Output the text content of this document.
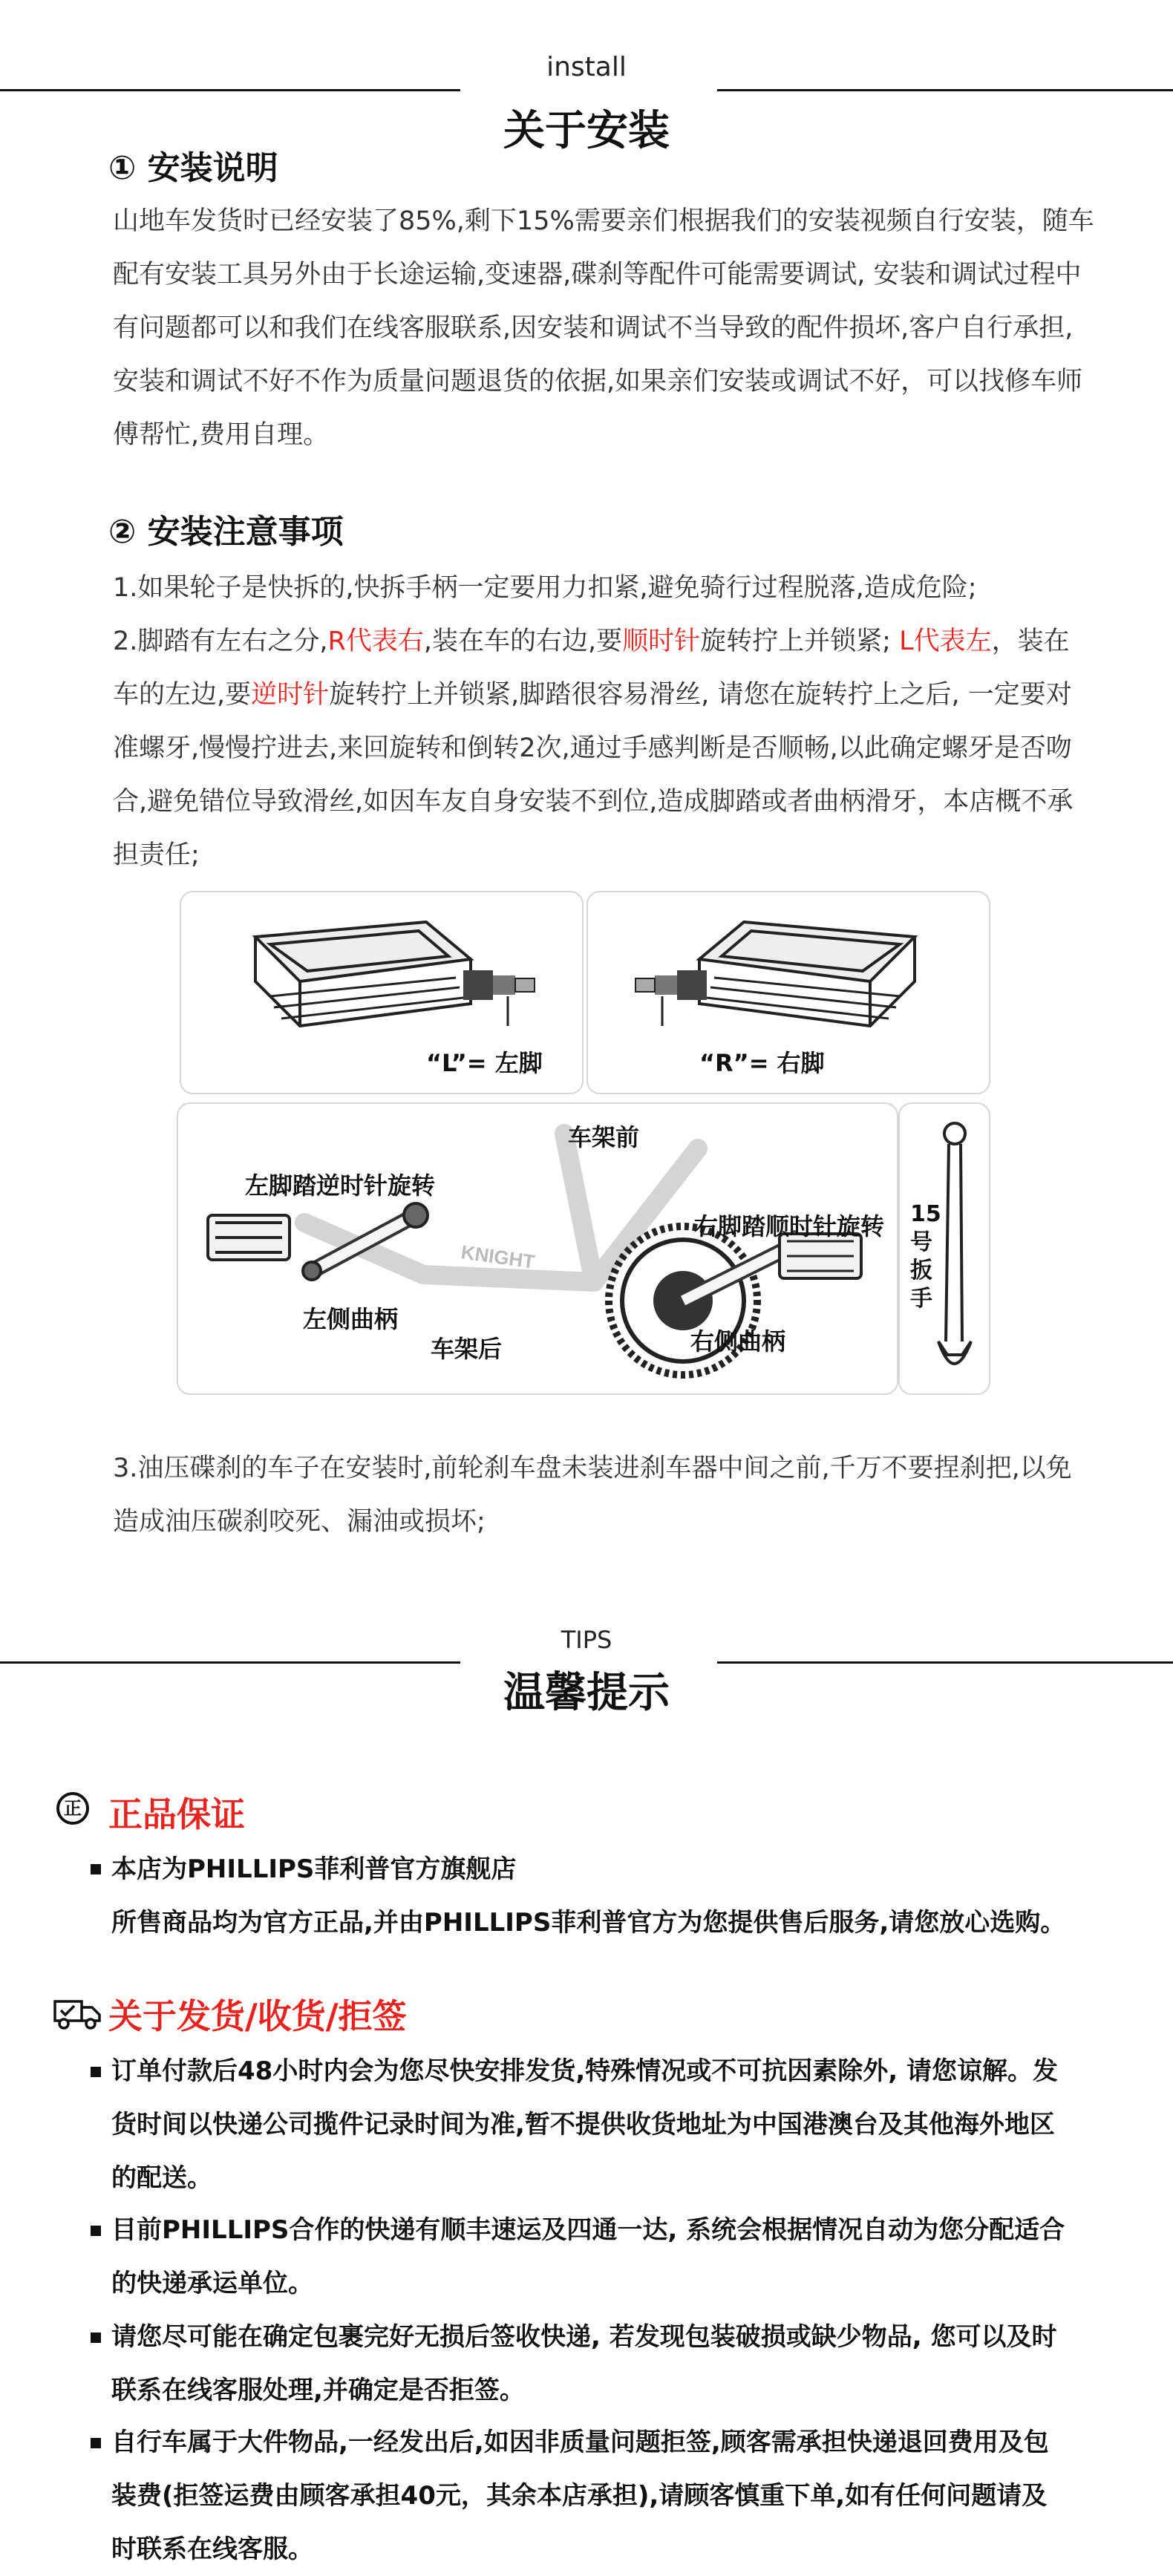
install
关于安装
① 安装说明

山地车发货时已经安装了85%,剩下15%需要亲们根据我们的安装视频自行安装，随车

配有安装工具另外由于长途运输,变速器,碟刹等配件可能需要调试, 安装和调试过程中

有问题都可以和我们在线客服联系,因安装和调试不当导致的配件损坏,客户自行承担,

安装和调试不好不作为质量问题退货的依据,如果亲们安装或调试不好，可以找修车师

傅帮忙,费用自理。

② 安装注意事项

1.如果轮子是快拆的,快拆手柄一定要用力扣紧,避免骑行过程脱落,造成危险;

2.脚踏有左右之分,R代表右,装在车的右边,要顺时针旋转拧上并锁紧; L代表左，装在

车的左边,要逆时针旋转拧上并锁紧,脚踏很容易滑丝, 请您在旋转拧上之后, 一定要对

准螺牙,慢慢拧进去,来回旋转和倒转2次,通过手感判断是否顺畅,以此确定螺牙是否吻

合,避免错位导致滑丝,如因车友自身安装不到位,造成脚踏或者曲柄滑牙，本店概不承

担责任;

“L”= 左脚	“R”= 右脚
KNIGHT
车架前
左脚踏逆时针旋转
右脚踏顺时针旋转
左侧曲柄
右侧曲柄
车架后
15号扳手

3.油压碟刹的车子在安装时,前轮刹车盘未装进刹车器中间之前,千万不要捏刹把,以免

造成油压碳刹咬死、漏油或损坏;

TIPS
温馨提示
正 正品保证

本店为PHILLIPS菲利普官方旗舰店

所售商品均为官方正品,并由PHILLIPS菲利普官方为您提供售后服务,请您放心选购。

关于发货/收货/拒签

订单付款后48小时内会为您尽快安排发货,特殊情况或不可抗因素除外, 请您谅解。发

货时间以快递公司揽件记录时间为准,暂不提供收货地址为中国港澳台及其他海外地区

的配送。

目前PHILLIPS合作的快递有顺丰速运及四通一达, 系统会根据情况自动为您分配适合

的快递承运单位。

请您尽可能在确定包裹完好无损后签收快递, 若发现包装破损或缺少物品, 您可以及时

联系在线客服处理,并确定是否拒签。

自行车属于大件物品,一经发出后,如因非质量问题拒签,顾客需承担快递退回费用及包

装费(拒签运费由顾客承担40元，其余本店承担),请顾客慎重下单,如有任何问题请及

时联系在线客服。
